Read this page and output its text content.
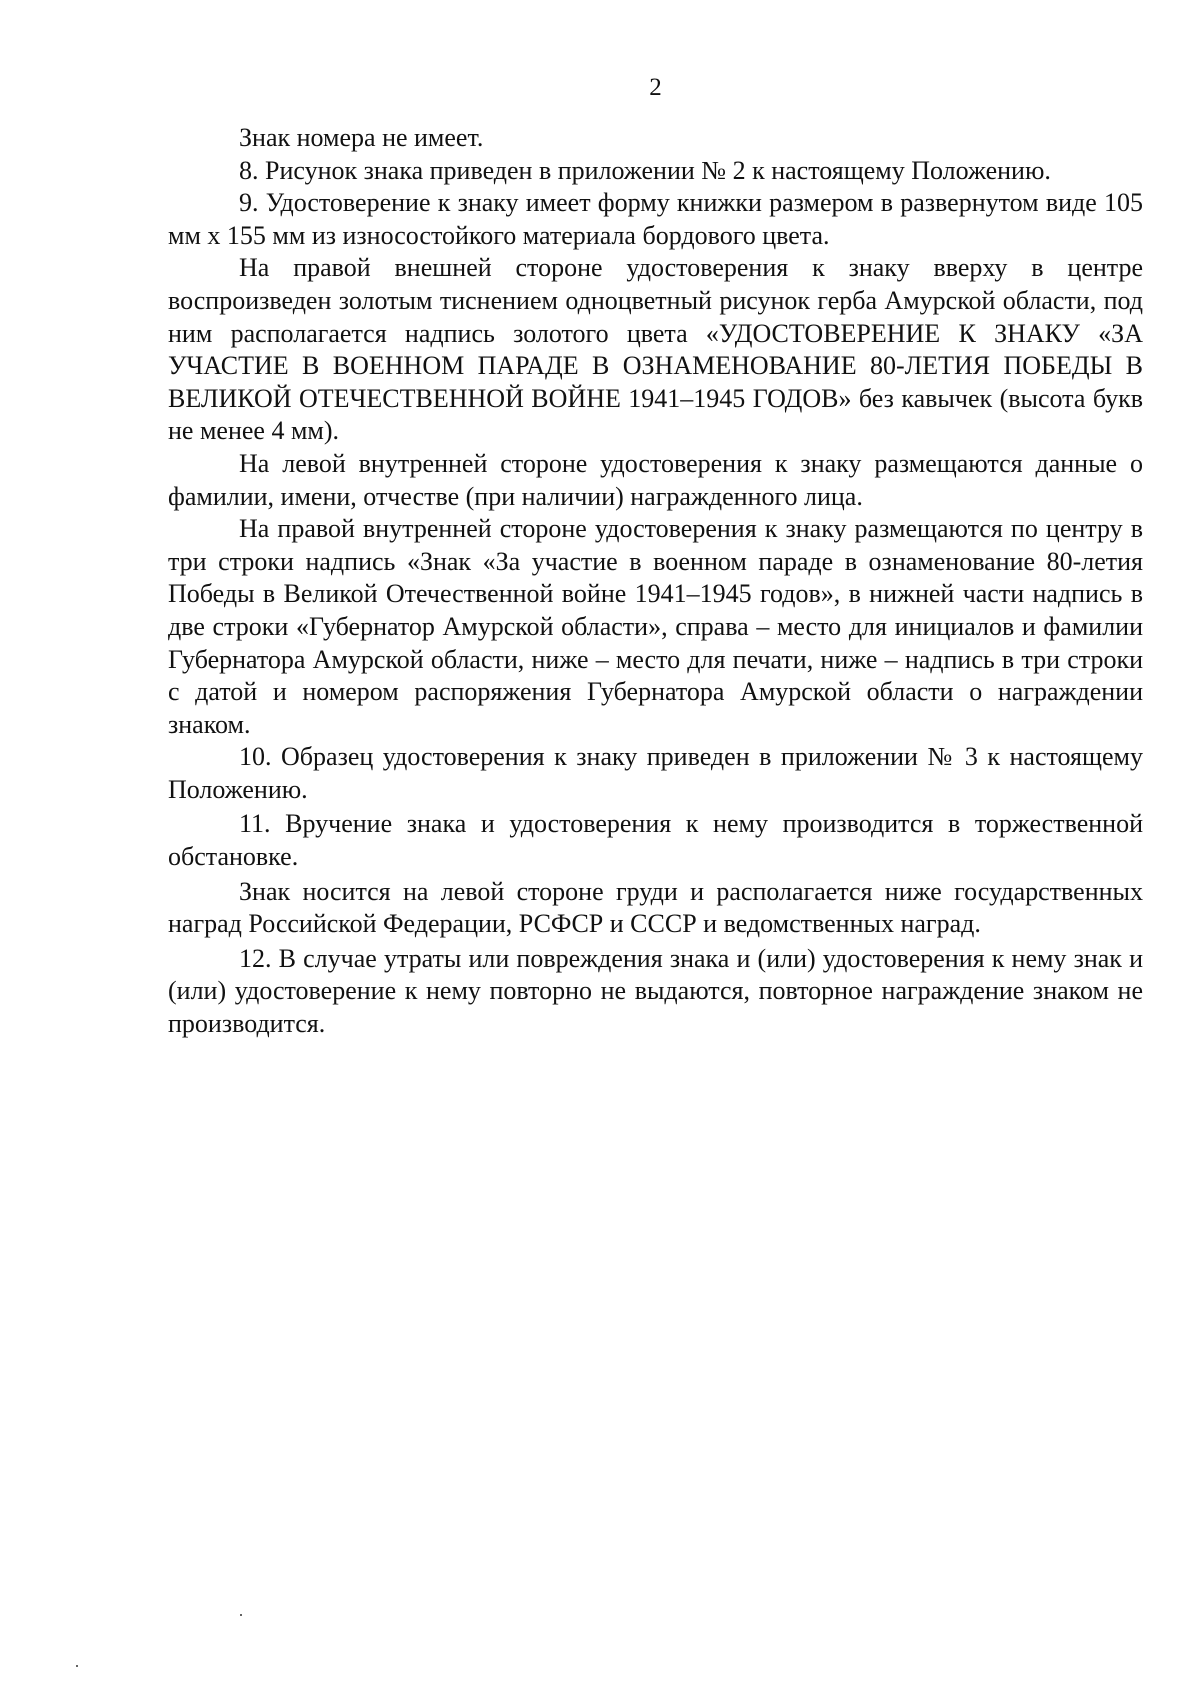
2

Знак номера не имеет.

8. Рисунок знака приведен в приложении № 2 к настоящему Положению.

9. Удостоверение к знаку имеет форму книжки размером в развернутом виде 105 мм х 155 мм из износостойкого материала бордового цвета.

На правой внешней стороне удостоверения к знаку вверху в центре воспроизведен золотым тиснением одноцветный рисунок герба Амурской области, под ним располагается надпись золотого цвета «УДОСТОВЕРЕНИЕ К ЗНАКУ «ЗА УЧАСТИЕ В ВОЕННОМ ПАРАДЕ В ОЗНАМЕНОВАНИЕ 80-ЛЕТИЯ ПОБЕДЫ В ВЕЛИКОЙ ОТЕЧЕСТВЕННОЙ ВОЙНЕ 1941–1945 ГОДОВ» без кавычек (высота букв не менее 4 мм).

На левой внутренней стороне удостоверения к знаку размещаются данные о фамилии, имени, отчестве (при наличии) награжденного лица.

На правой внутренней стороне удостоверения к знаку размещаются по центру в три строки надпись «Знак «За участие в военном параде в ознаменование 80-летия Победы в Великой Отечественной войне 1941–1945 годов», в нижней части надпись в две строки «Губернатор Амурской области», справа – место для инициалов и фамилии Губернатора Амурской области, ниже – место для печати, ниже – надпись в три строки с датой и номером распоряжения Губернатора Амурской области о награждении знаком.

10. Образец удостоверения к знаку приведен в приложении № 3 к настоящему Положению.

11. Вручение знака и удостоверения к нему производится в торжественной обстановке.

Знак носится на левой стороне груди и располагается ниже государственных наград Российской Федерации, РСФСР и СССР и ведомственных наград.

12. В случае утраты или повреждения знака и (или) удостоверения к нему знак и (или) удостоверение к нему повторно не выдаются, повторное награждение знаком не производится.
